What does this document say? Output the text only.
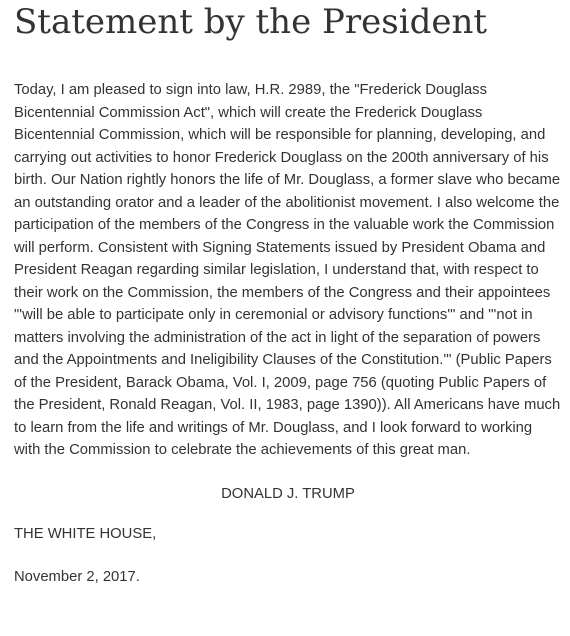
Statement by the President

Today, I am pleased to sign into law, H.R. 2989, the "Frederick Douglass Bicentennial Commission Act", which will create the Frederick Douglass Bicentennial Commission, which will be responsible for planning, developing, and carrying out activities to honor Frederick Douglass on the 200th anniversary of his birth. Our Nation rightly honors the life of Mr. Douglass, a former slave who became an outstanding orator and a leader of the abolitionist movement. I also welcome the participation of the members of the Congress in the valuable work the Commission will perform. Consistent with Signing Statements issued by President Obama and President Reagan regarding similar legislation, I understand that, with respect to their work on the Commission, the members of the Congress and their appointees "'will be able to participate only in ceremonial or advisory functions'" and "'not in matters involving the administration of the act in light of the separation of powers and the Appointments and Ineligibility Clauses of the Constitution.'" (Public Papers of the President, Barack Obama, Vol. I, 2009, page 756 (quoting Public Papers of the President, Ronald Reagan, Vol. II, 1983, page 1390)). All Americans have much to learn from the life and writings of Mr. Douglass, and I look forward to working with the Commission to celebrate the achievements of this great man.

DONALD J. TRUMP
THE WHITE HOUSE,
November 2, 2017.
